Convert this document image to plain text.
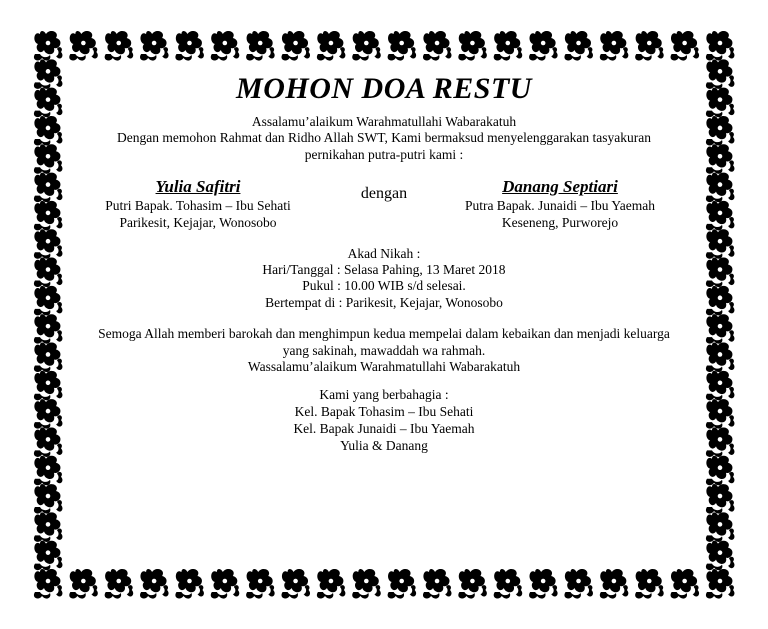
MOHON DOA RESTU
Assalamu’alaikum Warahmatullahi Wabarakatuh
Dengan memohon Rahmat dan Ridho Allah SWT, Kami bermaksud menyelenggarakan tasyakuran
pernikahan putra-putri kami :
Yulia Safitri
Putri Bapak. Tohasim – Ibu Sehati
Parikesit, Kejajar, Wonosobo
dengan	Danang Septiari
Putra Bapak. Junaidi – Ibu Yaemah
Keseneng, Purworejo
Akad Nikah :
Hari/Tanggal : Selasa Pahing, 13 Maret 2018
Pukul : 10.00 WIB s/d selesai.
Bertempat di : Parikesit, Kejajar, Wonosobo
Semoga Allah memberi barokah dan menghimpun kedua mempelai dalam kebaikan dan menjadi keluarga
yang sakinah, mawaddah wa rahmah.
Wassalamu’alaikum Warahmatullahi Wabarakatuh
Kami yang berbahagia :
Kel. Bapak Tohasim – Ibu Sehati
Kel. Bapak Junaidi – Ibu Yaemah
Yulia & Danang
